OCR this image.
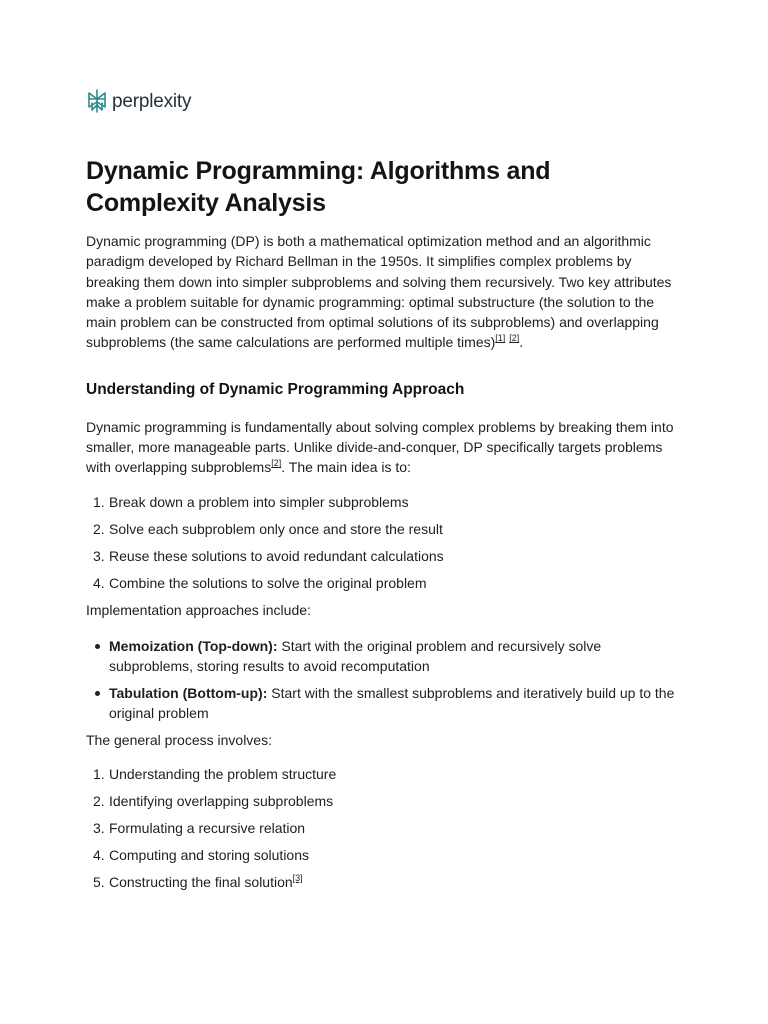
perplexity
Dynamic Programming: Algorithms and Complexity Analysis

Dynamic programming (DP) is both a mathematical optimization method and an algorithmic paradigm developed by Richard Bellman in the 1950s. It simplifies complex problems by breaking them down into simpler subproblems and solving them recursively. Two key attributes make a problem suitable for dynamic programming: optimal substructure (the solution to the main problem can be constructed from optimal solutions of its subproblems) and overlapping subproblems (the same calculations are performed multiple times)[1] [2].

Understanding of Dynamic Programming Approach

Dynamic programming is fundamentally about solving complex problems by breaking them into smaller, more manageable parts. Unlike divide-and-conquer, DP specifically targets problems with overlapping subproblems[2]. The main idea is to:

1. Break down a problem into simpler subproblems
2. Solve each subproblem only once and store the result
3. Reuse these solutions to avoid redundant calculations
4. Combine the solutions to solve the original problem

Implementation approaches include:

Memoization (Top-down): Start with the original problem and recursively solve subproblems, storing results to avoid recomputation
Tabulation (Bottom-up): Start with the smallest subproblems and iteratively build up to the original problem

The general process involves:

1. Understanding the problem structure
2. Identifying overlapping subproblems
3. Formulating a recursive relation
4. Computing and storing solutions
5. Constructing the final solution[3]
